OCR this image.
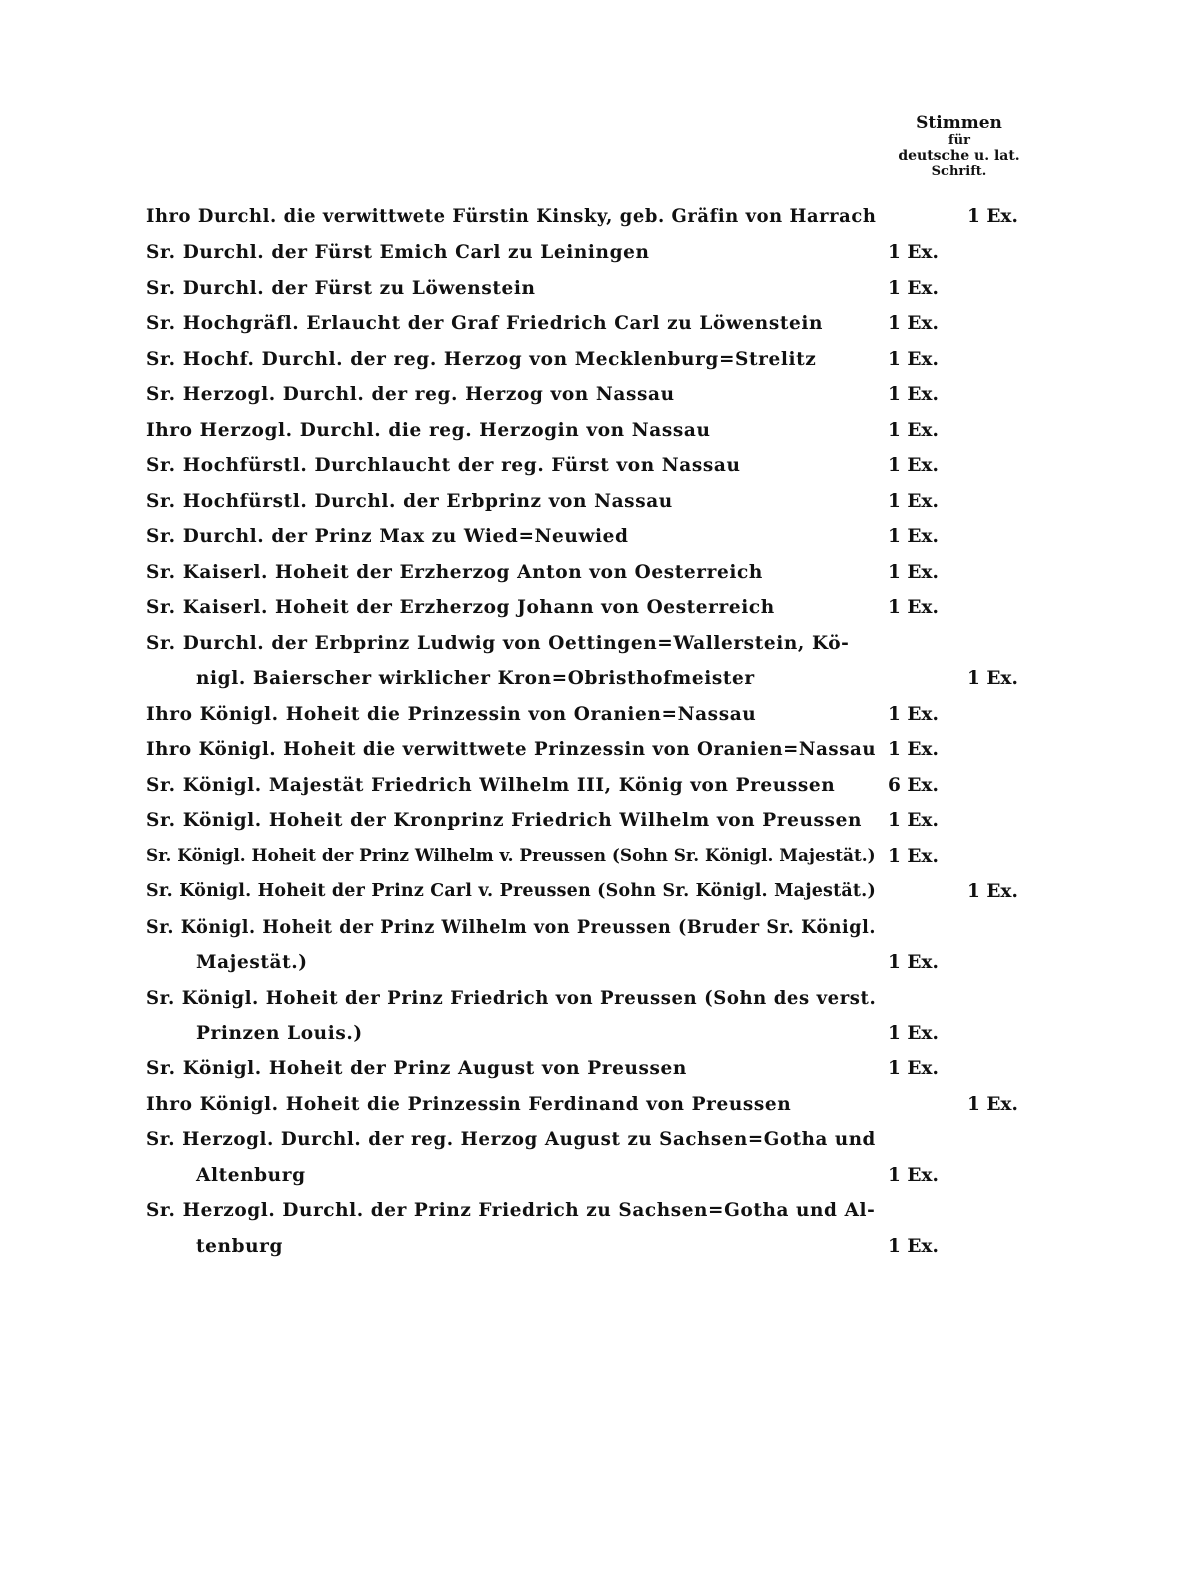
Stimmen
für
deutsche u. lat.
Schrift.
Ihro Durchl. die verwittwete Fürstin Kinsky, geb. Gräfin von Harrach	1 Ex.
Sr. Durchl. der Fürst Emich Carl zu Leiningen	1 Ex.
Sr. Durchl. der Fürst zu Löwenstein	1 Ex.
Sr. Hochgräfl. Erlaucht der Graf Friedrich Carl zu Löwenstein	1 Ex.
Sr. Hochf. Durchl. der reg. Herzog von Mecklenburg=Strelitz	1 Ex.
Sr. Herzogl. Durchl. der reg. Herzog von Nassau	1 Ex.
Ihro Herzogl. Durchl. die reg. Herzogin von Nassau	1 Ex.
Sr. Hochfürstl. Durchlaucht der reg. Fürst von Nassau	1 Ex.
Sr. Hochfürstl. Durchl. der Erbprinz von Nassau	1 Ex.
Sr. Durchl. der Prinz Max zu Wied=Neuwied	1 Ex.
Sr. Kaiserl. Hoheit der Erzherzog Anton von Oesterreich	1 Ex.
Sr. Kaiserl. Hoheit der Erzherzog Johann von Oesterreich	1 Ex.
Sr. Durchl. der Erbprinz Ludwig von Oettingen=Wallerstein, Kö-
nigl. Baierscher wirklicher Kron=Obristhofmeister	1 Ex.
Ihro Königl. Hoheit die Prinzessin von Oranien=Nassau	1 Ex.
Ihro Königl. Hoheit die verwittwete Prinzessin von Oranien=Nassau 1 Ex.
Sr. Königl. Majestät Friedrich Wilhelm III, König von Preussen	6 Ex.
Sr. Königl. Hoheit der Kronprinz Friedrich Wilhelm von Preussen 1 Ex.
Sr. Königl. Hoheit der Prinz Wilhelm v. Preussen (Sohn Sr. Königl. Majestät.) 1 Ex.
Sr. Königl. Hoheit der Prinz Carl v. Preussen (Sohn Sr. Königl. Majestät.)	1 Ex.
Sr. Königl. Hoheit der Prinz Wilhelm von Preussen (Bruder Sr. Königl.
Majestät.)	1 Ex.
Sr. Königl. Hoheit der Prinz Friedrich von Preussen (Sohn des verst.
Prinzen Louis.)	1 Ex.
Sr. Königl. Hoheit der Prinz August von Preussen	1 Ex.
Ihro Königl. Hoheit die Prinzessin Ferdinand von Preussen	1 Ex.
Sr. Herzogl. Durchl. der reg. Herzog August zu Sachsen=Gotha und
Altenburg	1 Ex.
Sr. Herzogl. Durchl. der Prinz Friedrich zu Sachsen=Gotha und Al-
tenburg	1 Ex.
